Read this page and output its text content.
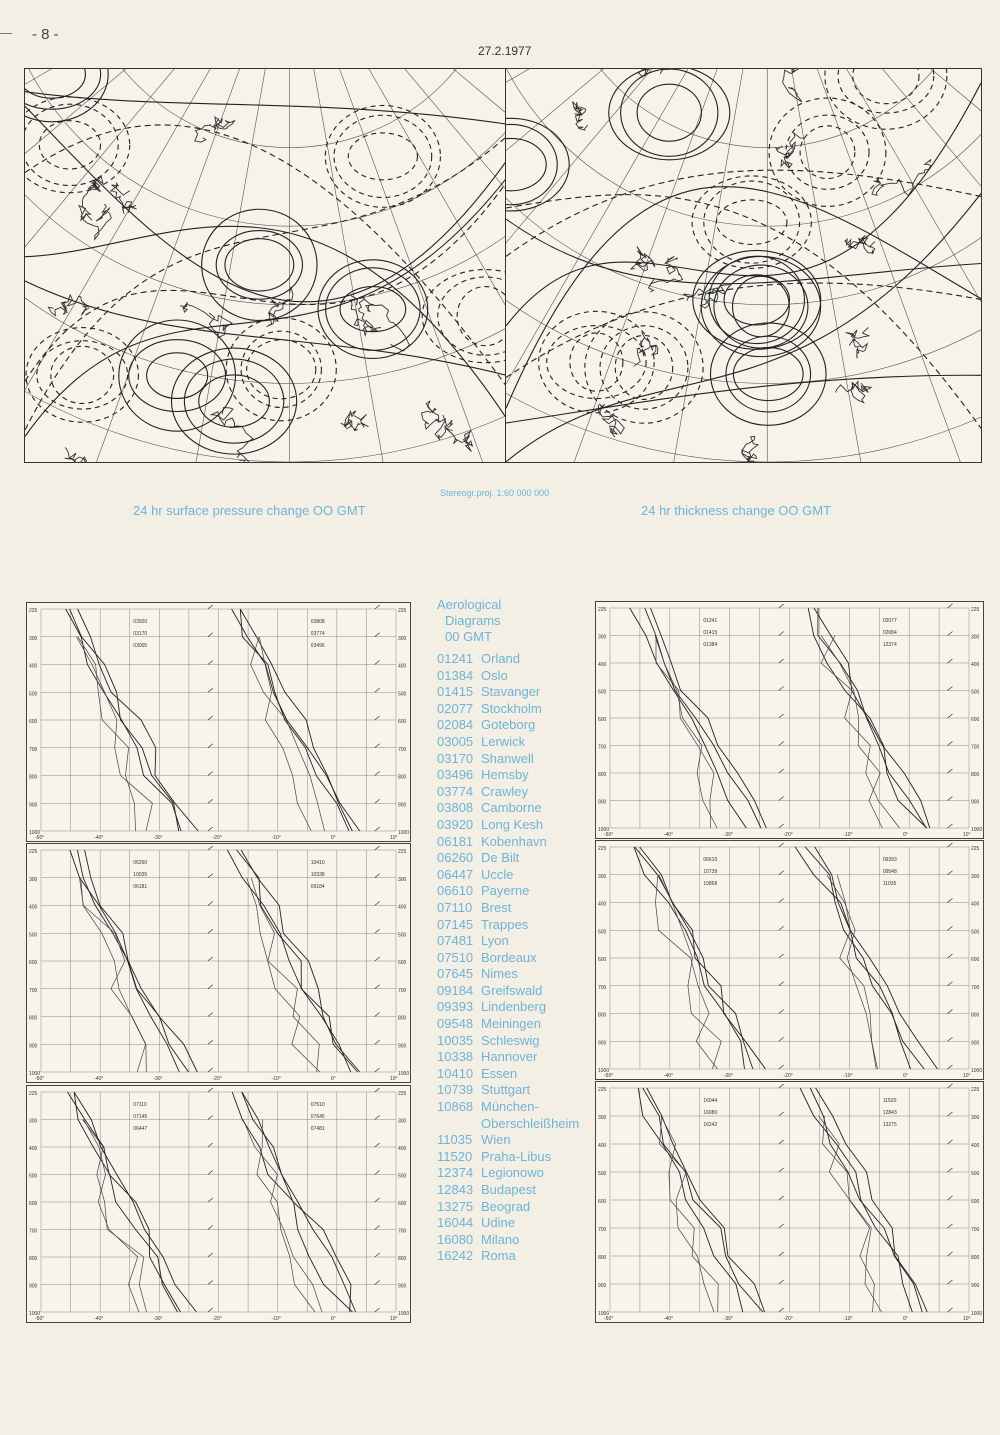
- 8 -
27.2.1977
Stereogr.proj. 1:60 000 000
24 hr surface pressure change OO GMT	24 hr thickness change OO GMT
225	225
300	300
400	400
500	500
600	600
700	700
800	800
900	900
1000	1000
-50°	-40°	-30°	-20°	-10°	0°	10°
03920
03170
03005
03808
03774
03496
225	225
300	300
400	400
500	500
600	600
700	700
800	800
900	900
1000	1000
-50°	-40°	-30°	-20°	-10°	0°	10°
06260
10035
06181
10410
10338
09184
225	225
300	300
400	400
500	500
600	600
700	700
800	800
900	900
1000	1000
-50°	-40°	-30°	-20°	-10°	0°	10°
07110
07145
06447
07510
07645
07481
225	225
300	300
400	400
500	500
600	600
700	700
800	800
900	900
1000	1000
-50°	-40°	-30°	-20°	-10°	0°	10°
01241
01415
01384
02077
02084
12374
225	225
300	300
400	400
500	500
600	600
700	700
800	800
900	900
1000	1000
-50°	-40°	-30°	-20°	-10°	0°	10°
06610
10739
10868
09393
09548
11035
225	225
300	300
400	400
500	500
600	600
700	700
800	800
900	900
1000	1000
-50°	-40°	-30°	-20°	-10°	0°	10°
16044
16080
16242
11520
12843
13275
Aerological
Diagrams
00 GMT
01241 Orland
01384 Oslo
01415 Stavanger
02077 Stockholm
02084 Goteborg
03005 Lerwick
03170 Shanwell
03496 Hemsby
03774 Crawley
03808 Camborne
03920 Long Kesh
06181 Kobenhavn
06260 De Bilt
06447 Uccle
06610 Payerne
07110 Brest
07145 Trappes
07481 Lyon
07510 Bordeaux
07645 Nimes
09184 Greifswald
09393 Lindenberg
09548 Meiningen
10035 Schleswig
10338 Hannover
10410 Essen
10739 Stuttgart
10868 München-
Oberschleißheim
11035 Wien
11520 Praha-Libus
12374 Legionowo
12843 Budapest
13275 Beograd
16044 Udine
16080 Milano
16242 Roma
